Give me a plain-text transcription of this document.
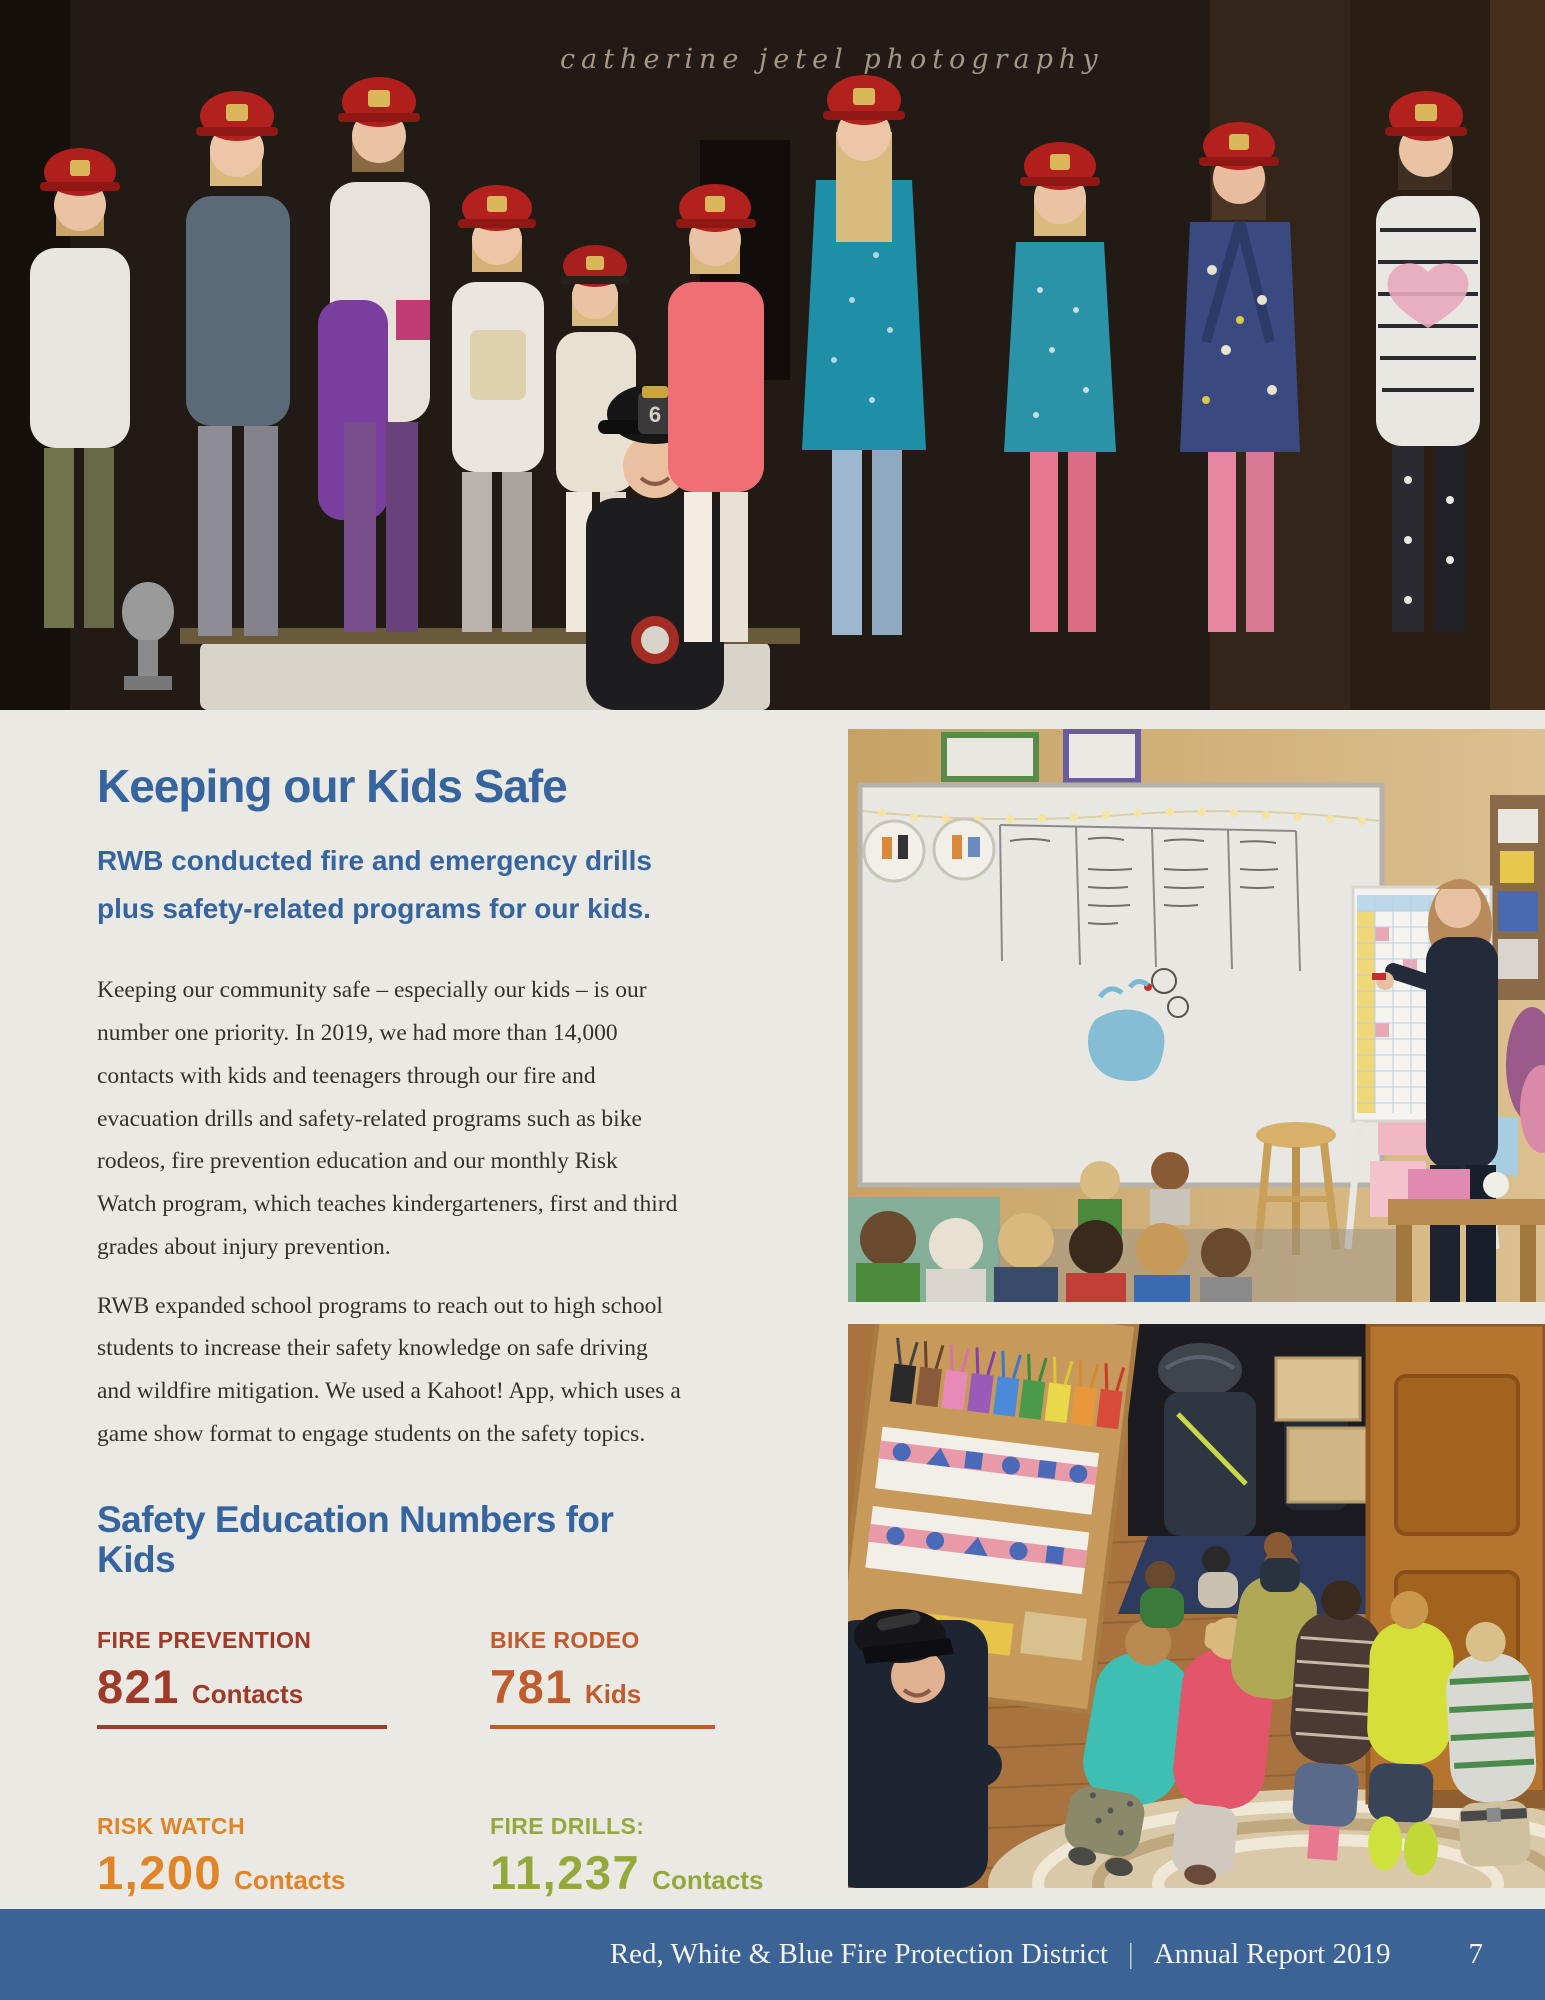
6
catherine jetel photography
Keeping our Kids Safe
RWB conducted fire and emergency drills
plus safety-related programs for our kids.

Keeping our community safe – especially our kids – is our number one priority. In 2019, we had more than 14,000 contacts with kids and teenagers through our fire and evacuation drills and safety-related programs such as bike rodeos, fire prevention education and our monthly Risk Watch program, which teaches kindergarteners, first and third grades about injury prevention.

RWB expanded school programs to reach out to high school students to increase their safety knowledge on safe driving and wildfire mitigation. We used a Kahoot! App, which uses a game show format to engage students on the safety topics.

Safety Education Numbers for Kids
FIRE PREVENTION
821 Contacts
BIKE RODEO
781 Kids
RISK WATCH
1,200 Contacts
FIRE DRILLS:
11,237 Contacts
Red, White & Blue Fire Protection District | Annual Report 2019	7
